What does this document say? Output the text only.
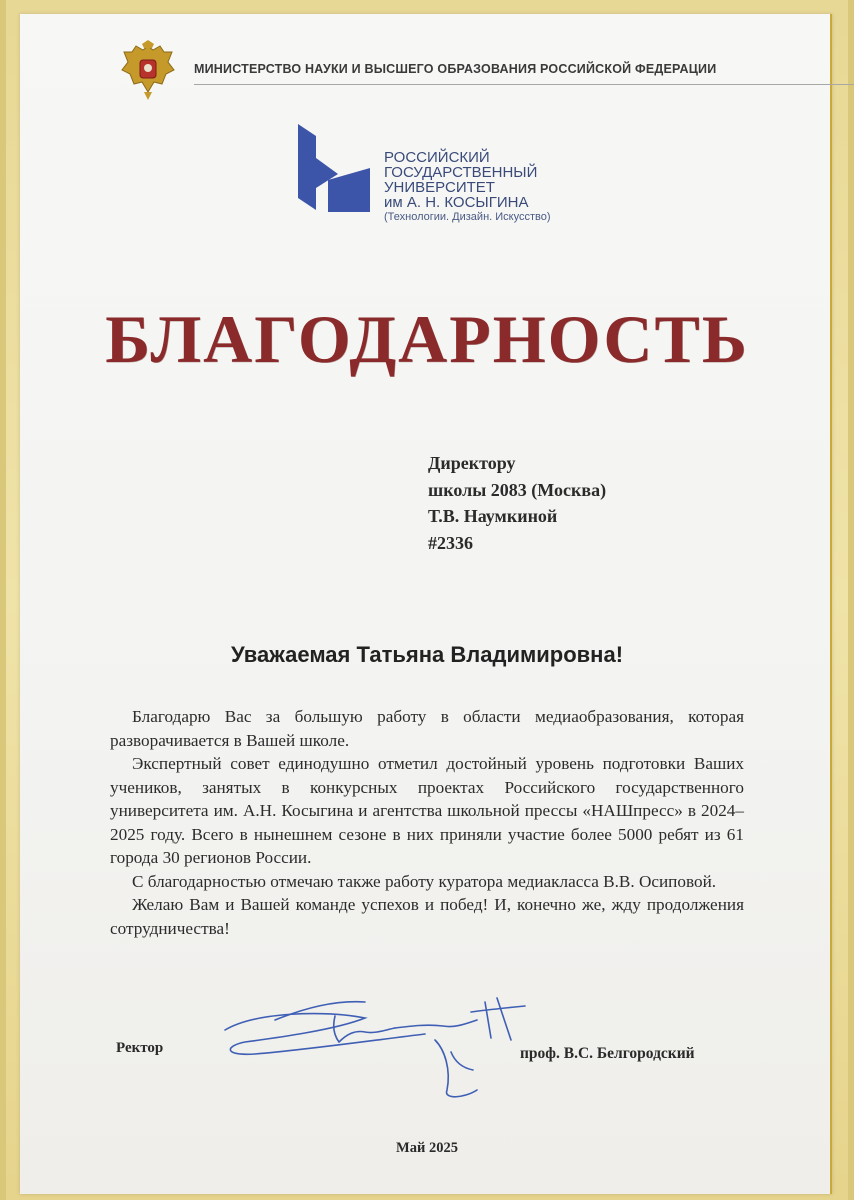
МИНИСТЕРСТВО НАУКИ И ВЫСШЕГО ОБРАЗОВАНИЯ РОССИЙСКОЙ ФЕДЕРАЦИИ
РОССИЙСКИЙ
ГОСУДАРСТВЕННЫЙ
УНИВЕРСИТЕТ
им А. Н. КОСЫГИНА
(Технологии. Дизайн. Искусство)
БЛАГОДАРНОСТЬ
Директору
школы 2083 (Москва)
Т.В. Наумкиной
#2336
Уважаемая Татьяна Владимировна!

Благодарю Вас за большую работу в области медиаобразования, которая разворачивается в Вашей школе.

Экспертный совет единодушно отметил достойный уровень подготовки Ваших учеников, занятых в конкурсных проектах Российского государственного университета им. А.Н. Косыгина и агентства школьной прессы «НАШпресс» в 2024–2025 году. Всего в нынешнем сезоне в них приняли участие более 5000 ребят из 61 города 30 регионов России.

С благодарностью отмечаю также работу куратора медиакласса В.В. Осиповой.

Желаю Вам и Вашей команде успехов и побед! И, конечно же, жду продолжения сотрудничества!

Ректор	проф. В.С. Белгородский
Май 2025
